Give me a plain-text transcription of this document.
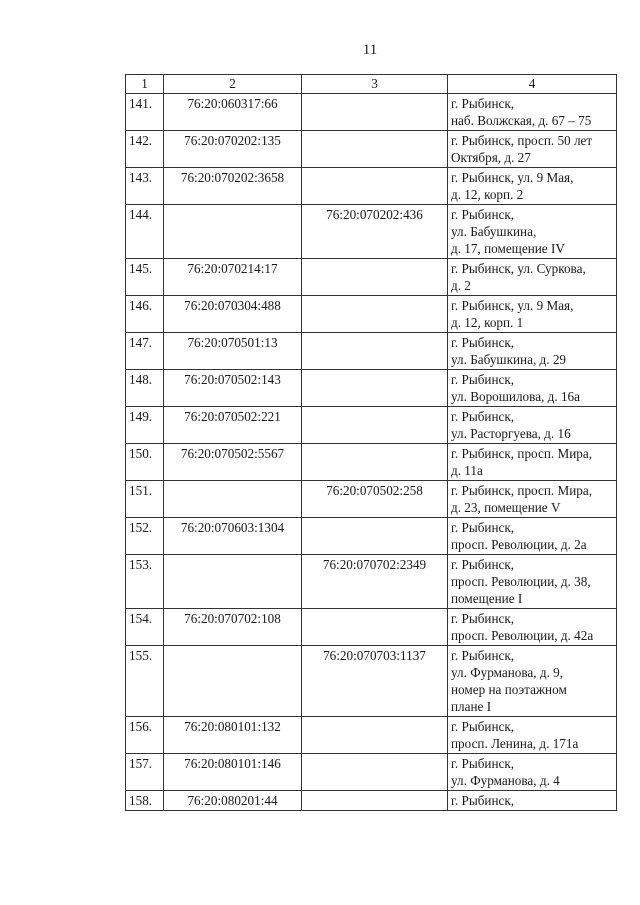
11
1	2	3	4
141.	76:20:060317:66		г. Рыбинск,
наб. Волжская, д. 67 – 75
142.	76:20:070202:135		г. Рыбинск, просп. 50 лет
Октября, д. 27
143.	76:20:070202:3658		г. Рыбинск, ул. 9 Мая,
д. 12, корп. 2
144.		76:20:070202:436	г. Рыбинск,
ул. Бабушкина,
д. 17, помещение IV
145.	76:20:070214:17		г. Рыбинск, ул. Суркова,
д. 2
146.	76:20:070304:488		г. Рыбинск, ул. 9 Мая,
д. 12, корп. 1
147.	76:20:070501:13		г. Рыбинск,
ул. Бабушкина, д. 29
148.	76:20:070502:143		г. Рыбинск,
ул. Ворошилова, д. 16а
149.	76:20:070502:221		г. Рыбинск,
ул. Расторгуева, д. 16
150.	76:20:070502:5567		г. Рыбинск, просп. Мира,
д. 11а
151.		76:20:070502:258	г. Рыбинск, просп. Мира,
д. 23, помещение V
152.	76:20:070603:1304		г. Рыбинск,
просп. Революции, д. 2а
153.		76:20:070702:2349	г. Рыбинск,
просп. Революции, д. 38,
помещение I
154.	76:20:070702:108		г. Рыбинск,
просп. Революции, д. 42а
155.		76:20:070703:1137	г. Рыбинск,
ул. Фурманова, д. 9,
номер на поэтажном
плане I
156.	76:20:080101:132		г. Рыбинск,
просп. Ленина, д. 171а
157.	76:20:080101:146		г. Рыбинск,
ул. Фурманова, д. 4
158.	76:20:080201:44		г. Рыбинск,
